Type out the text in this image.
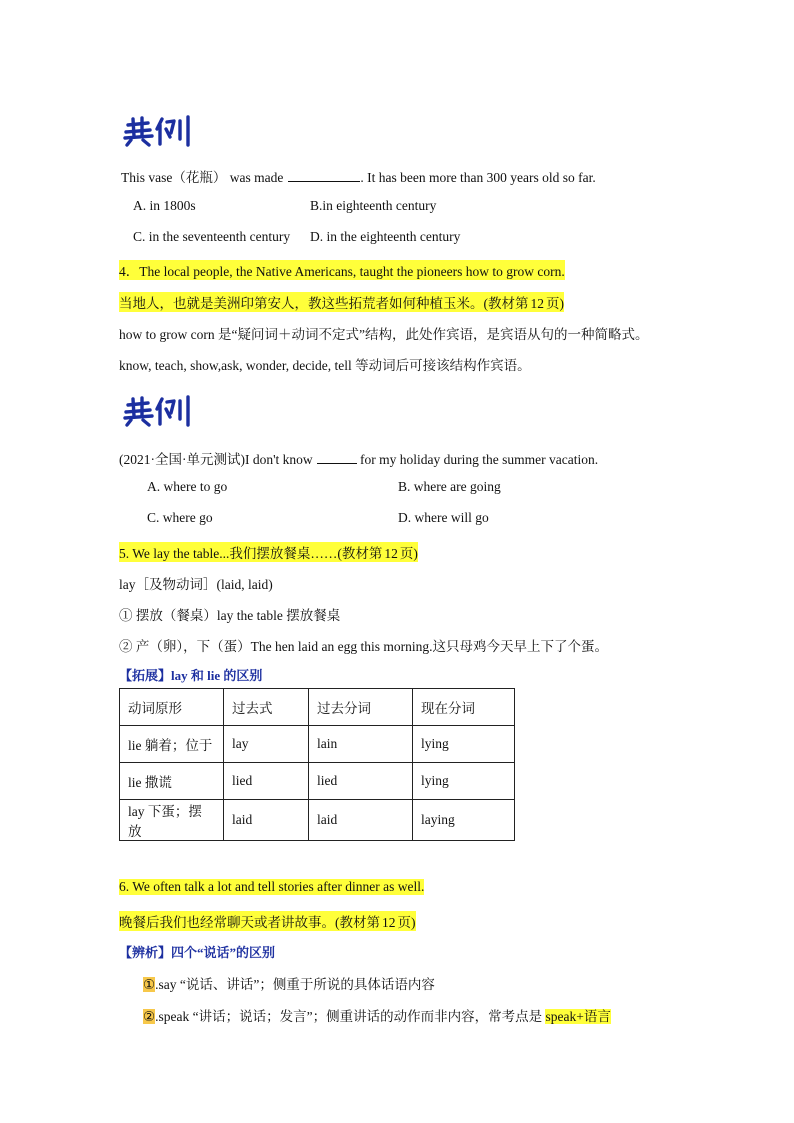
This vase（花瓶） was made	. It has been more than 300 years old so far.
A. in 1800s	B.in eighteenth century
C. in the seventeenth century D. in the eighteenth century
4．The local people, the Native Americans, taught the pioneers how to grow corn.
当地人，也就是美洲印第安人，教这些拓荒者如何种植玉米。(教材第 12 页)
how to grow corn 是“疑问词＋动词不定式”结构，此处作宾语，是宾语从句的一种简略式。
know, teach, show,ask, wonder, decide, tell 等动词后可接该结构作宾语。
(2021·全国·单元测试)I don't know	for my holiday during the summer vacation.
A. where to go	B. where are going
C. where go	D. where will go
5. We lay the table...我们摆放餐桌……(教材第 12 页)
lay［及物动词］(laid, laid)
① 摆放（餐桌）lay the table 摆放餐桌
② 产（卵），下（蛋）The hen laid an egg this morning.这只母鸡今天早上下了个蛋。
【拓展】lay 和 lie 的区别
动词原形	过去式	过去分词	现在分词
lie 躺着；位于	lay	lain	lying
lie 撒谎	lied	lied	lying
lay 下蛋；摆放	laid	laid	laying
6. We often talk a lot and tell stories after dinner as well.
晚餐后我们也经常聊天或者讲故事。(教材第 12 页)
【辨析】四个“说话”的区别
①.say “说话、讲话”；侧重于所说的具体话语内容
②.speak “讲话；说话；发言”；侧重讲话的动作而非内容，常考点是 speak+语言
